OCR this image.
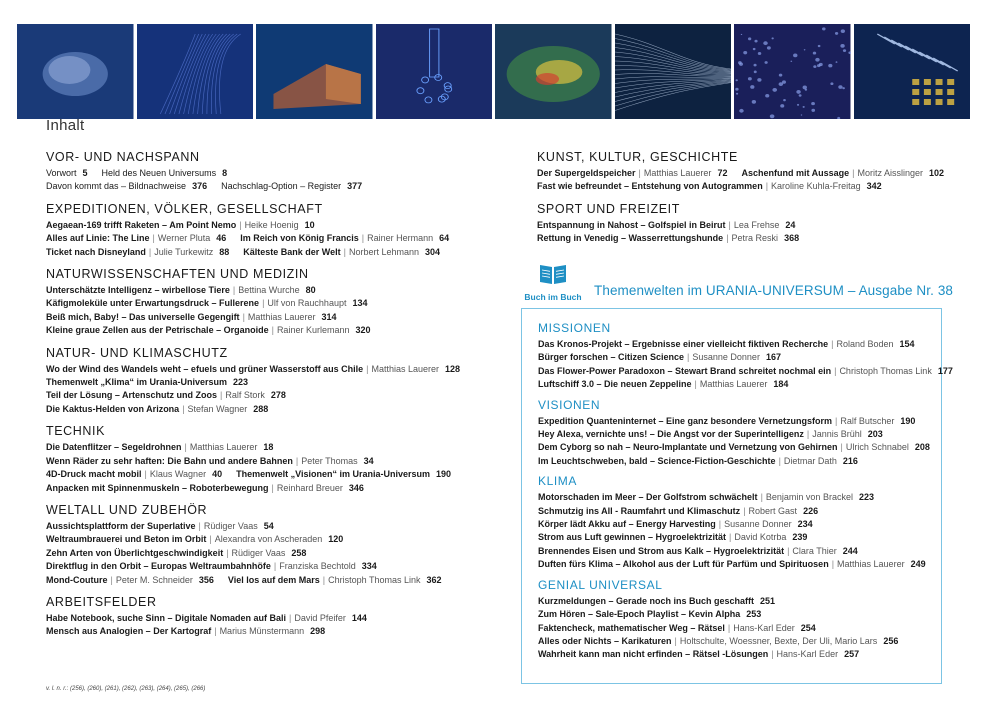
Inhalt
VOR- UND NACHSPANN
Vorwort 5 Held des Neuen Universums 8
Davon kommt das – Bildnachweise 376 Nachschlag-Option – Register 377
EXPEDITIONEN, VÖLKER, GESELLSCHAFT
Aegaean-169 trifft Raketen – Am Point Nemo | Heike Hoenig 10
Alles auf Linie: The Line | Werner Pluta 46 Im Reich von König Francis | Rainer Hermann 64
Ticket nach Disneyland | Julie Turkewitz 88 Kälteste Bank der Welt | Norbert Lehmann 304
NATURWISSENSCHAFTEN UND MEDIZIN
Unterschätzte Intelligenz – wirbellose Tiere | Bettina Wurche 80
Käfigmoleküle unter Erwartungsdruck – Fullerene | Ulf von Rauchhaupt 134
Beiß mich, Baby! – Das universelle Gegengift | Matthias Lauerer 314
Kleine graue Zellen aus der Petrischale – Organoide | Rainer Kurlemann 320
NATUR- UND KLIMASCHUTZ
Wo der Wind des Wandels weht – efuels und grüner Wasserstoff aus Chile | Matthias Lauerer 128
Themenwelt „Klima“ im Urania-Universum 223
Teil der Lösung – Artenschutz und Zoos | Ralf Stork 278
Die Kaktus-Helden von Arizona | Stefan Wagner 288
TECHNIK
Die Datenflitzer – Segeldrohnen | Matthias Lauerer 18
Wenn Räder zu sehr haften: Die Bahn und andere Bahnen | Peter Thomas 34
4D-Druck macht mobil | Klaus Wagner 40 Themenwelt „Visionen“ im Urania-Universum 190
Anpacken mit Spinnenmuskeln – Roboterbewegung | Reinhard Breuer 346
WELTALL UND ZUBEHÖR
Aussichtsplattform der Superlative | Rüdiger Vaas 54
Weltraumbrauerei und Beton im Orbit | Alexandra von Ascheraden 120
Zehn Arten von Überlichtgeschwindigkeit | Rüdiger Vaas 258
Direktflug in den Orbit – Europas Weltraumbahnhöfe | Franziska Bechtold 334
Mond-Couture | Peter M. Schneider 356 Viel los auf dem Mars | Christoph Thomas Link 362
ARBEITSFELDER
Habe Notebook, suche Sinn – Digitale Nomaden auf Bali | David Pfeifer 144
Mensch aus Analogien – Der Kartograf | Marius Münstermann 298
KUNST, KULTUR, GESCHICHTE
Der Supergeldspeicher | Matthias Lauerer 72 Aschenfund mit Aussage | Moritz Aisslinger 102
Fast wie befreundet – Entstehung von Autogrammen | Karoline Kuhla-Freitag 342
SPORT UND FREIZEIT
Entspannung in Nahost – Golfspiel in Beirut | Lea Frehse 24
Rettung in Venedig – Wasserrettungshunde | Petra Reski 368
Buch im Buch Themenwelten im URANIA-UNIVERSUM – Ausgabe Nr. 38
MISSIONEN
Das Kronos-Projekt – Ergebnisse einer vielleicht fiktiven Recherche | Roland Boden 154
Bürger forschen – Citizen Science | Susanne Donner 167
Das Flower-Power Paradoxon – Stewart Brand schreitet nochmal ein | Christoph Thomas Link 177
Luftschiff 3.0 – Die neuen Zeppeline | Matthias Lauerer 184
VISIONEN
Expedition Quanteninternet – Eine ganz besondere Vernetzungsform | Ralf Butscher 190
Hey Alexa, vernichte uns! – Die Angst vor der Superintelligenz | Jannis Brühl 203
Dem Cyborg so nah – Neuro-Implantate und Vernetzung von Gehirnen | Ulrich Schnabel 208
Im Leuchtschweben, bald – Science-Fiction-Geschichte | Dietmar Dath 216
KLIMA
Motorschaden im Meer – Der Golfstrom schwächelt | Benjamin von Brackel 223
Schmutzig ins All - Raumfahrt und Klimaschutz | Robert Gast 226
Körper lädt Akku auf – Energy Harvesting | Susanne Donner 234
Strom aus Luft gewinnen – Hygroelektrizität | David Kotrba 239
Brennendes Eisen und Strom aus Kalk – Hygroelektrizität | Clara Thier 244
Duften fürs Klima – Alkohol aus der Luft für Parfüm und Spirituosen | Matthias Lauerer 249
GENIAL UNIVERSAL
Kurzmeldungen – Gerade noch ins Buch geschafft 251
Zum Hören – Sale-Epoch Playlist – Kevin Alpha 253
Faktencheck, mathematischer Weg – Rätsel | Hans-Karl Eder 254
Alles oder Nichts – Karikaturen | Holtschulte, Woessner, Bexte, Der Uli, Mario Lars 256
Wahrheit kann man nicht erfinden – Rätsel -Lösungen | Hans-Karl Eder 257
v. l. n. r.: (256), (260), (261), (262), (263), (264), (265), (266)
